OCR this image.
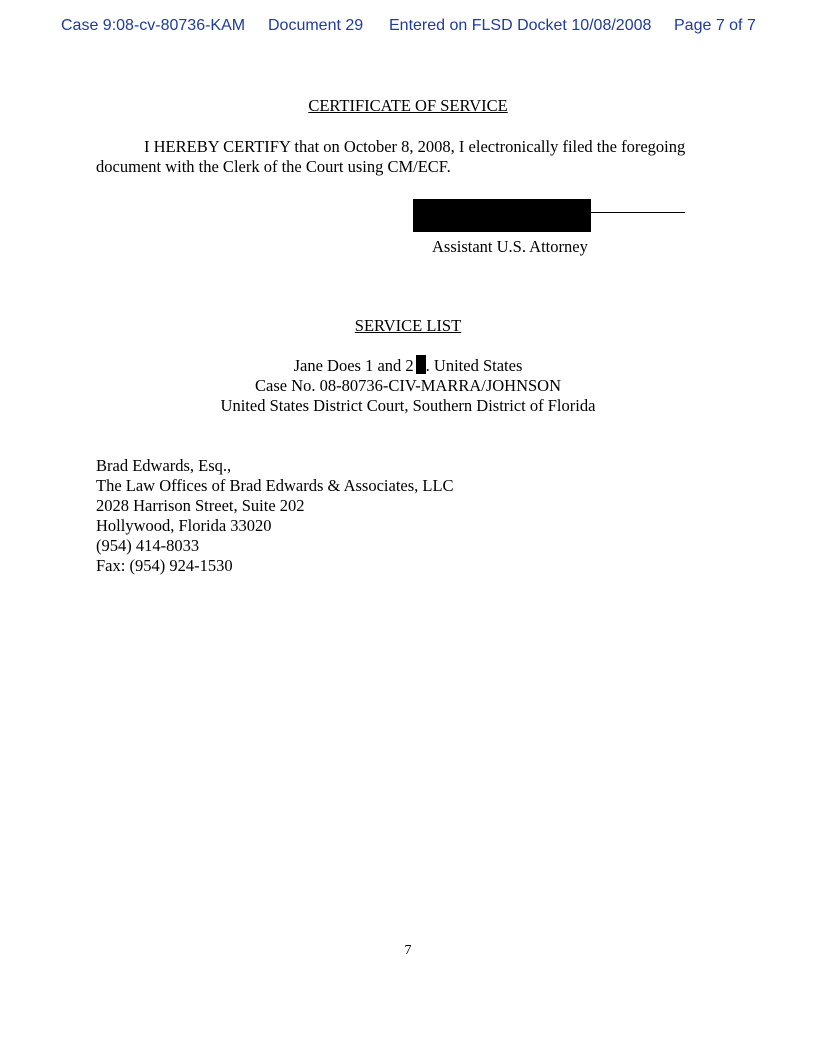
Case 9:08-cv-80736-KAM Document 29 Entered on FLSD Docket 10/08/2008 Page 7 of 7
CERTIFICATE OF SERVICE
I HEREBY CERTIFY that on October 8, 2008, I electronically filed the foregoing
document with the Clerk of the Court using CM/ECF.
Assistant U.S. Attorney
SERVICE LIST
Jane Does 1 and 2 . United States
Case No. 08-80736-CIV-MARRA/JOHNSON
United States District Court, Southern District of Florida
Brad Edwards, Esq.,
The Law Offices of Brad Edwards & Associates, LLC
2028 Harrison Street, Suite 202
Hollywood, Florida 33020
(954) 414-8033
Fax: (954) 924-1530
7
